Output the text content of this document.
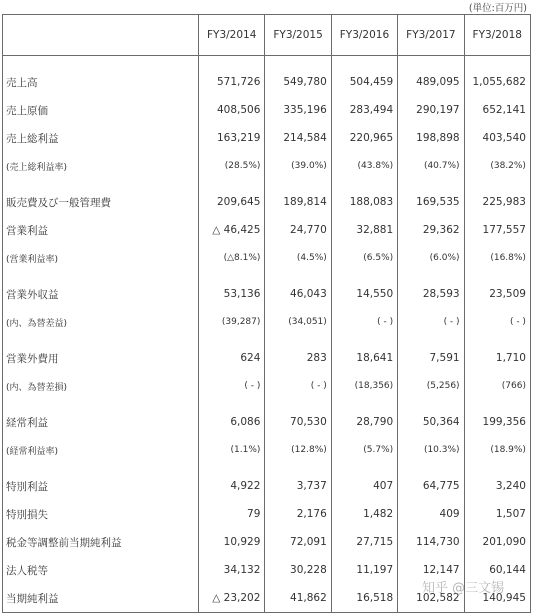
(単位:百万円)
	FY3/2014	FY3/2015	FY3/2016	FY3/2017	FY3/2018

売上高	571,726	549,780	504,459	489,095	1,055,682
売上原価	408,506	335,196	283,494	290,197	652,141
売上総利益	163,219	214,584	220,965	198,898	403,540
(売上総利益率)	(28.5%)	(39.0%)	(43.8%)	(40.7%)	(38.2%)

販売費及び一般管理費	209,645	189,814	188,083	169,535	225,983
営業利益	△ 46,425	24,770	32,881	29,362	177,557
(営業利益率)	(△8.1%)	(4.5%)	(6.5%)	(6.0%)	(16.8%)

営業外収益	53,136	46,043	14,550	28,593	23,509
(内、為替差益)	(39,287)	(34,051)	( - )	( - )	( - )

営業外費用	624	283	18,641	7,591	1,710
(内、為替差損)	( - )	( - )	(18,356)	(5,256)	(766)

経常利益	6,086	70,530	28,790	50,364	199,356
(経常利益率)	(1.1%)	(12.8%)	(5.7%)	(10.3%)	(18.9%)

特別利益	4,922	3,737	407	64,775	3,240
特別損失	79	2,176	1,482	409	1,507
税金等調整前当期純利益	10,929	72,091	27,715	114,730	201,090
法人税等	34,132	30,228	11,197	12,147	60,144
当期純利益	△ 23,202	41,862	16,518	102,582	140,945
知乎 @三文锡
